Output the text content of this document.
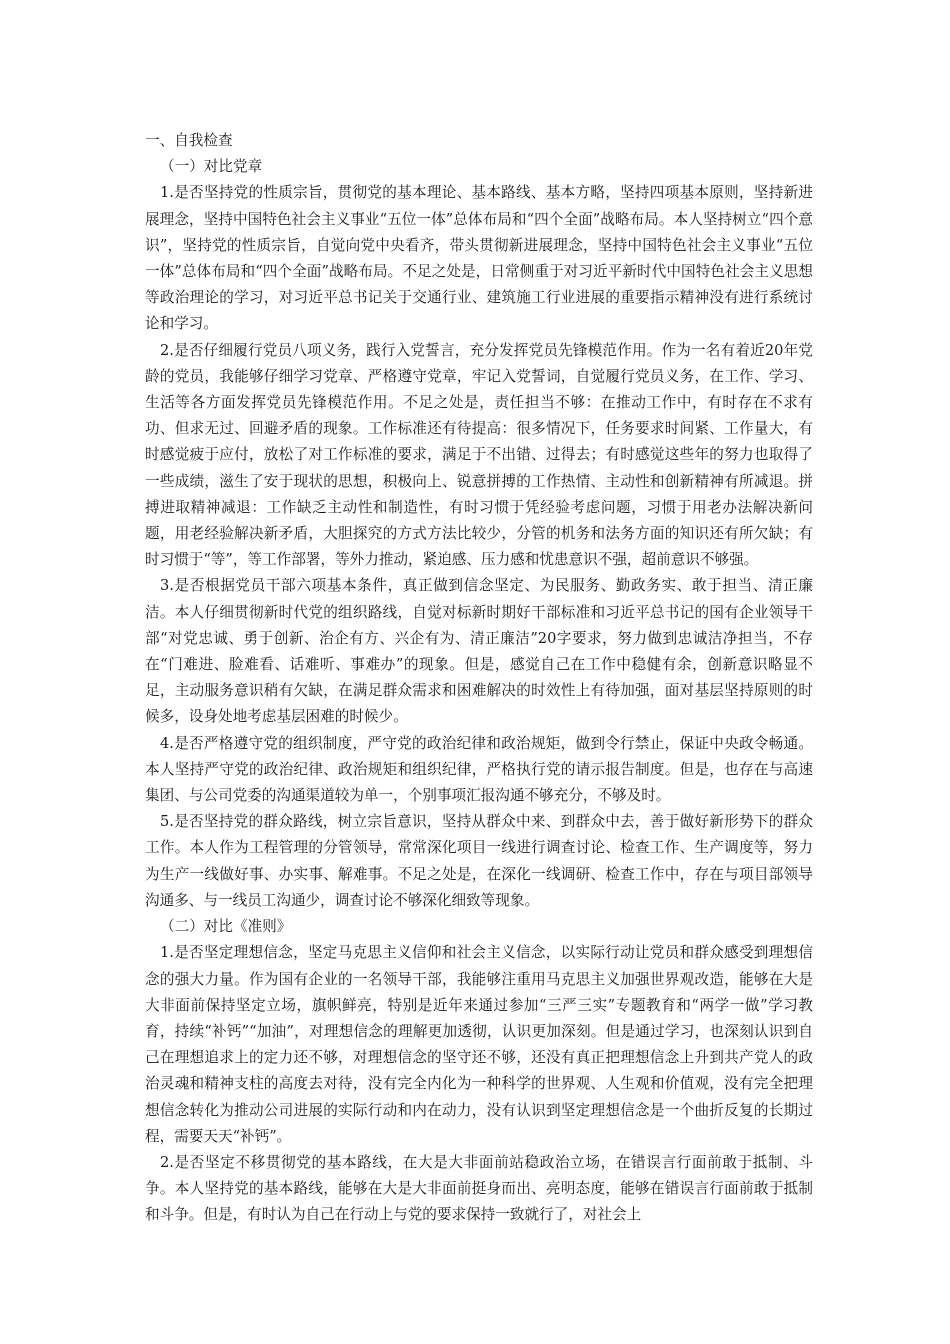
一、自我检查

（一）对比党章

1.是否坚持党的性质宗旨，贯彻党的基本理论、基本路线、基本方略，坚持四项基本原则，坚持新进展理念，坚持中国特色社会主义事业“五位一体”总体布局和“四个全面”战略布局。本人坚持树立“四个意识”，坚持党的性质宗旨，自觉向党中央看齐，带头贯彻新进展理念，坚持中国特色社会主义事业“五位一体”总体布局和“四个全面”战略布局。不足之处是，日常侧重于对习近平新时代中国特色社会主义思想等政治理论的学习，对习近平总书记关于交通行业、建筑施工行业进展的重要指示精神没有进行系统讨论和学习。

2.是否仔细履行党员八项义务，践行入党誓言，充分发挥党员先锋模范作用。作为一名有着近20年党龄的党员，我能够仔细学习党章、严格遵守党章，牢记入党誓词，自觉履行党员义务，在工作、学习、生活等各方面发挥党员先锋模范作用。不足之处是，责任担当不够：在推动工作中，有时存在不求有功、但求无过、回避矛盾的现象。工作标准还有待提高：很多情况下，任务要求时间紧、工作量大，有时感觉疲于应付，放松了对工作标准的要求，满足于不出错、过得去；有时感觉这些年的努力也取得了一些成绩，滋生了安于现状的思想，积极向上、锐意拼搏的工作热情、主动性和创新精神有所减退。拼搏进取精神减退：工作缺乏主动性和制造性，有时习惯于凭经验考虑问题，习惯于用老办法解决新问题，用老经验解决新矛盾，大胆探究的方式方法比较少，分管的机务和法务方面的知识还有所欠缺；有时习惯于“等”，等工作部署，等外力推动，紧迫感、压力感和忧患意识不强，超前意识不够强。

3.是否根据党员干部六项基本条件，真正做到信念坚定、为民服务、勤政务实、敢于担当、清正廉洁。本人仔细贯彻新时代党的组织路线，自觉对标新时期好干部标准和习近平总书记的国有企业领导干部“对党忠诚、勇于创新、治企有方、兴企有为、清正廉洁”20字要求，努力做到忠诚洁净担当，不存在“门难进、脸难看、话难听、事难办”的现象。但是，感觉自己在工作中稳健有余，创新意识略显不足，主动服务意识稍有欠缺，在满足群众需求和困难解决的时效性上有待加强，面对基层坚持原则的时候多，设身处地考虑基层困难的时候少。

4.是否严格遵守党的组织制度，严守党的政治纪律和政治规矩，做到令行禁止，保证中央政令畅通。本人坚持严守党的政治纪律、政治规矩和组织纪律，严格执行党的请示报告制度。但是，也存在与高速集团、与公司党委的沟通渠道较为单一，个别事项汇报沟通不够充分，不够及时。

5.是否坚持党的群众路线，树立宗旨意识，坚持从群众中来、到群众中去，善于做好新形势下的群众工作。本人作为工程管理的分管领导，常常深化项目一线进行调查讨论、检查工作、生产调度等，努力为生产一线做好事、办实事、解难事。不足之处是，在深化一线调研、检查工作中，存在与项目部领导沟通多、与一线员工沟通少，调查讨论不够深化细致等现象。

（二）对比《准则》

1.是否坚定理想信念，坚定马克思主义信仰和社会主义信念，以实际行动让党员和群众感受到理想信念的强大力量。作为国有企业的一名领导干部，我能够注重用马克思主义加强世界观改造，能够在大是大非面前保持坚定立场，旗帜鲜亮，特别是近年来通过参加“三严三实”专题教育和“两学一做”学习教育，持续“补钙”“加油”，对理想信念的理解更加透彻，认识更加深刻。但是通过学习，也深刻认识到自己在理想追求上的定力还不够，对理想信念的坚守还不够，还没有真正把理想信念上升到共产党人的政治灵魂和精神支柱的高度去对待，没有完全内化为一种科学的世界观、人生观和价值观，没有完全把理想信念转化为推动公司进展的实际行动和内在动力，没有认识到坚定理想信念是一个曲折反复的长期过程，需要天天“补钙”。

2.是否坚定不移贯彻党的基本路线，在大是大非面前站稳政治立场，在错误言行面前敢于抵制、斗争。本人坚持党的基本路线，能够在大是大非面前挺身而出、亮明态度，能够在错误言行面前敢于抵制和斗争。但是，有时认为自己在行动上与党的要求保持一致就行了，对社会上
